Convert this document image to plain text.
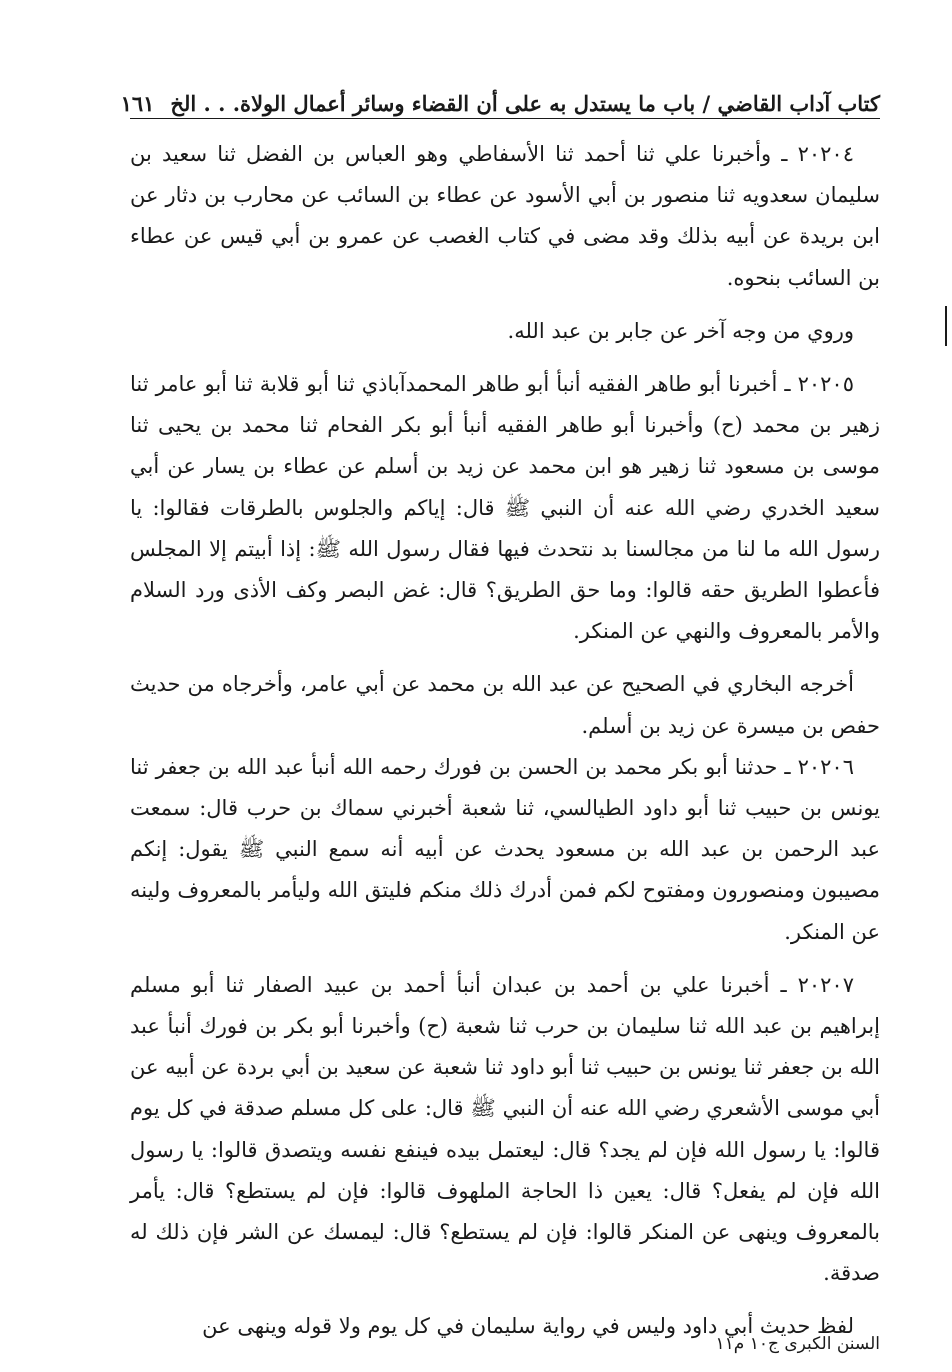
كتاب آداب القاضي / باب ما يستدل به على أن القضاء وسائر أعمال الولاة. . . الخ
١٦١

٢٠٢٠٤ ـ وأخبرنا علي ثنا أحمد ثنا الأسفاطي وهو العباس بن الفضل ثنا سعيد بن سليمان سعدويه ثنا منصور بن أبي الأسود عن عطاء بن السائب عن محارب بن دثار عن ابن بريدة عن أبيه بذلك وقد مضى في كتاب الغصب عن عمرو بن أبي قيس عن عطاء بن السائب بنحوه.

وروي من وجه آخر عن جابر بن عبد الله.

٢٠٢٠٥ ـ أخبرنا أبو طاهر الفقيه أنبأ أبو طاهر المحمدآباذي ثنا أبو قلابة ثنا أبو عامر ثنا زهير بن محمد (ح) وأخبرنا أبو طاهر الفقيه أنبأ أبو بكر الفحام ثنا محمد بن يحيى ثنا موسى بن مسعود ثنا زهير هو ابن محمد عن زيد بن أسلم عن عطاء بن يسار عن أبي سعيد الخدري رضي الله عنه أن النبي ﷺ قال: إياكم والجلوس بالطرقات فقالوا: يا رسول الله ما لنا من مجالسنا بد نتحدث فيها فقال رسول الله ﷺ: إذا أبيتم إلا المجلس فأعطوا الطريق حقه قالوا: وما حق الطريق؟ قال: غض البصر وكف الأذى ورد السلام والأمر بالمعروف والنهي عن المنكر.

أخرجه البخاري في الصحيح عن عبد الله بن محمد عن أبي عامر، وأخرجاه من حديث حفص بن ميسرة عن زيد بن أسلم.

٢٠٢٠٦ ـ حدثنا أبو بكر محمد بن الحسن بن فورك رحمه الله أنبأ عبد الله بن جعفر ثنا يونس بن حبيب ثنا أبو داود الطيالسي، ثنا شعبة أخبرني سماك بن حرب قال: سمعت عبد الرحمن بن عبد الله بن مسعود يحدث عن أبيه أنه سمع النبي ﷺ يقول: إنكم مصيبون ومنصورون ومفتوح لكم فمن أدرك ذلك منكم فليتق الله وليأمر بالمعروف ولينه عن المنكر.

٢٠٢٠٧ ـ أخبرنا علي بن أحمد بن عبدان أنبأ أحمد بن عبيد الصفار ثنا أبو مسلم إبراهيم بن عبد الله ثنا سليمان بن حرب ثنا شعبة (ح) وأخبرنا أبو بكر بن فورك أنبأ عبد الله بن جعفر ثنا يونس بن حبيب ثنا أبو داود ثنا شعبة عن سعيد بن أبي بردة عن أبيه عن أبي موسى الأشعري رضي الله عنه أن النبي ﷺ قال: على كل مسلم صدقة في كل يوم قالوا: يا رسول الله فإن لم يجد؟ قال: ليعتمل بيده فينفع نفسه ويتصدق قالوا: يا رسول الله فإن لم يفعل؟ قال: يعين ذا الحاجة الملهوف قالوا: فإن لم يستطع؟ قال: يأمر بالمعروف وينهى عن المنكر قالوا: فإن لم يستطع؟ قال: ليمسك عن الشر فإن ذلك له صدقة.

لفظ حديث أبي داود وليس في رواية سليمان في كل يوم ولا قوله وينهى عن

السنن الكبرى ج١٠ م١١
